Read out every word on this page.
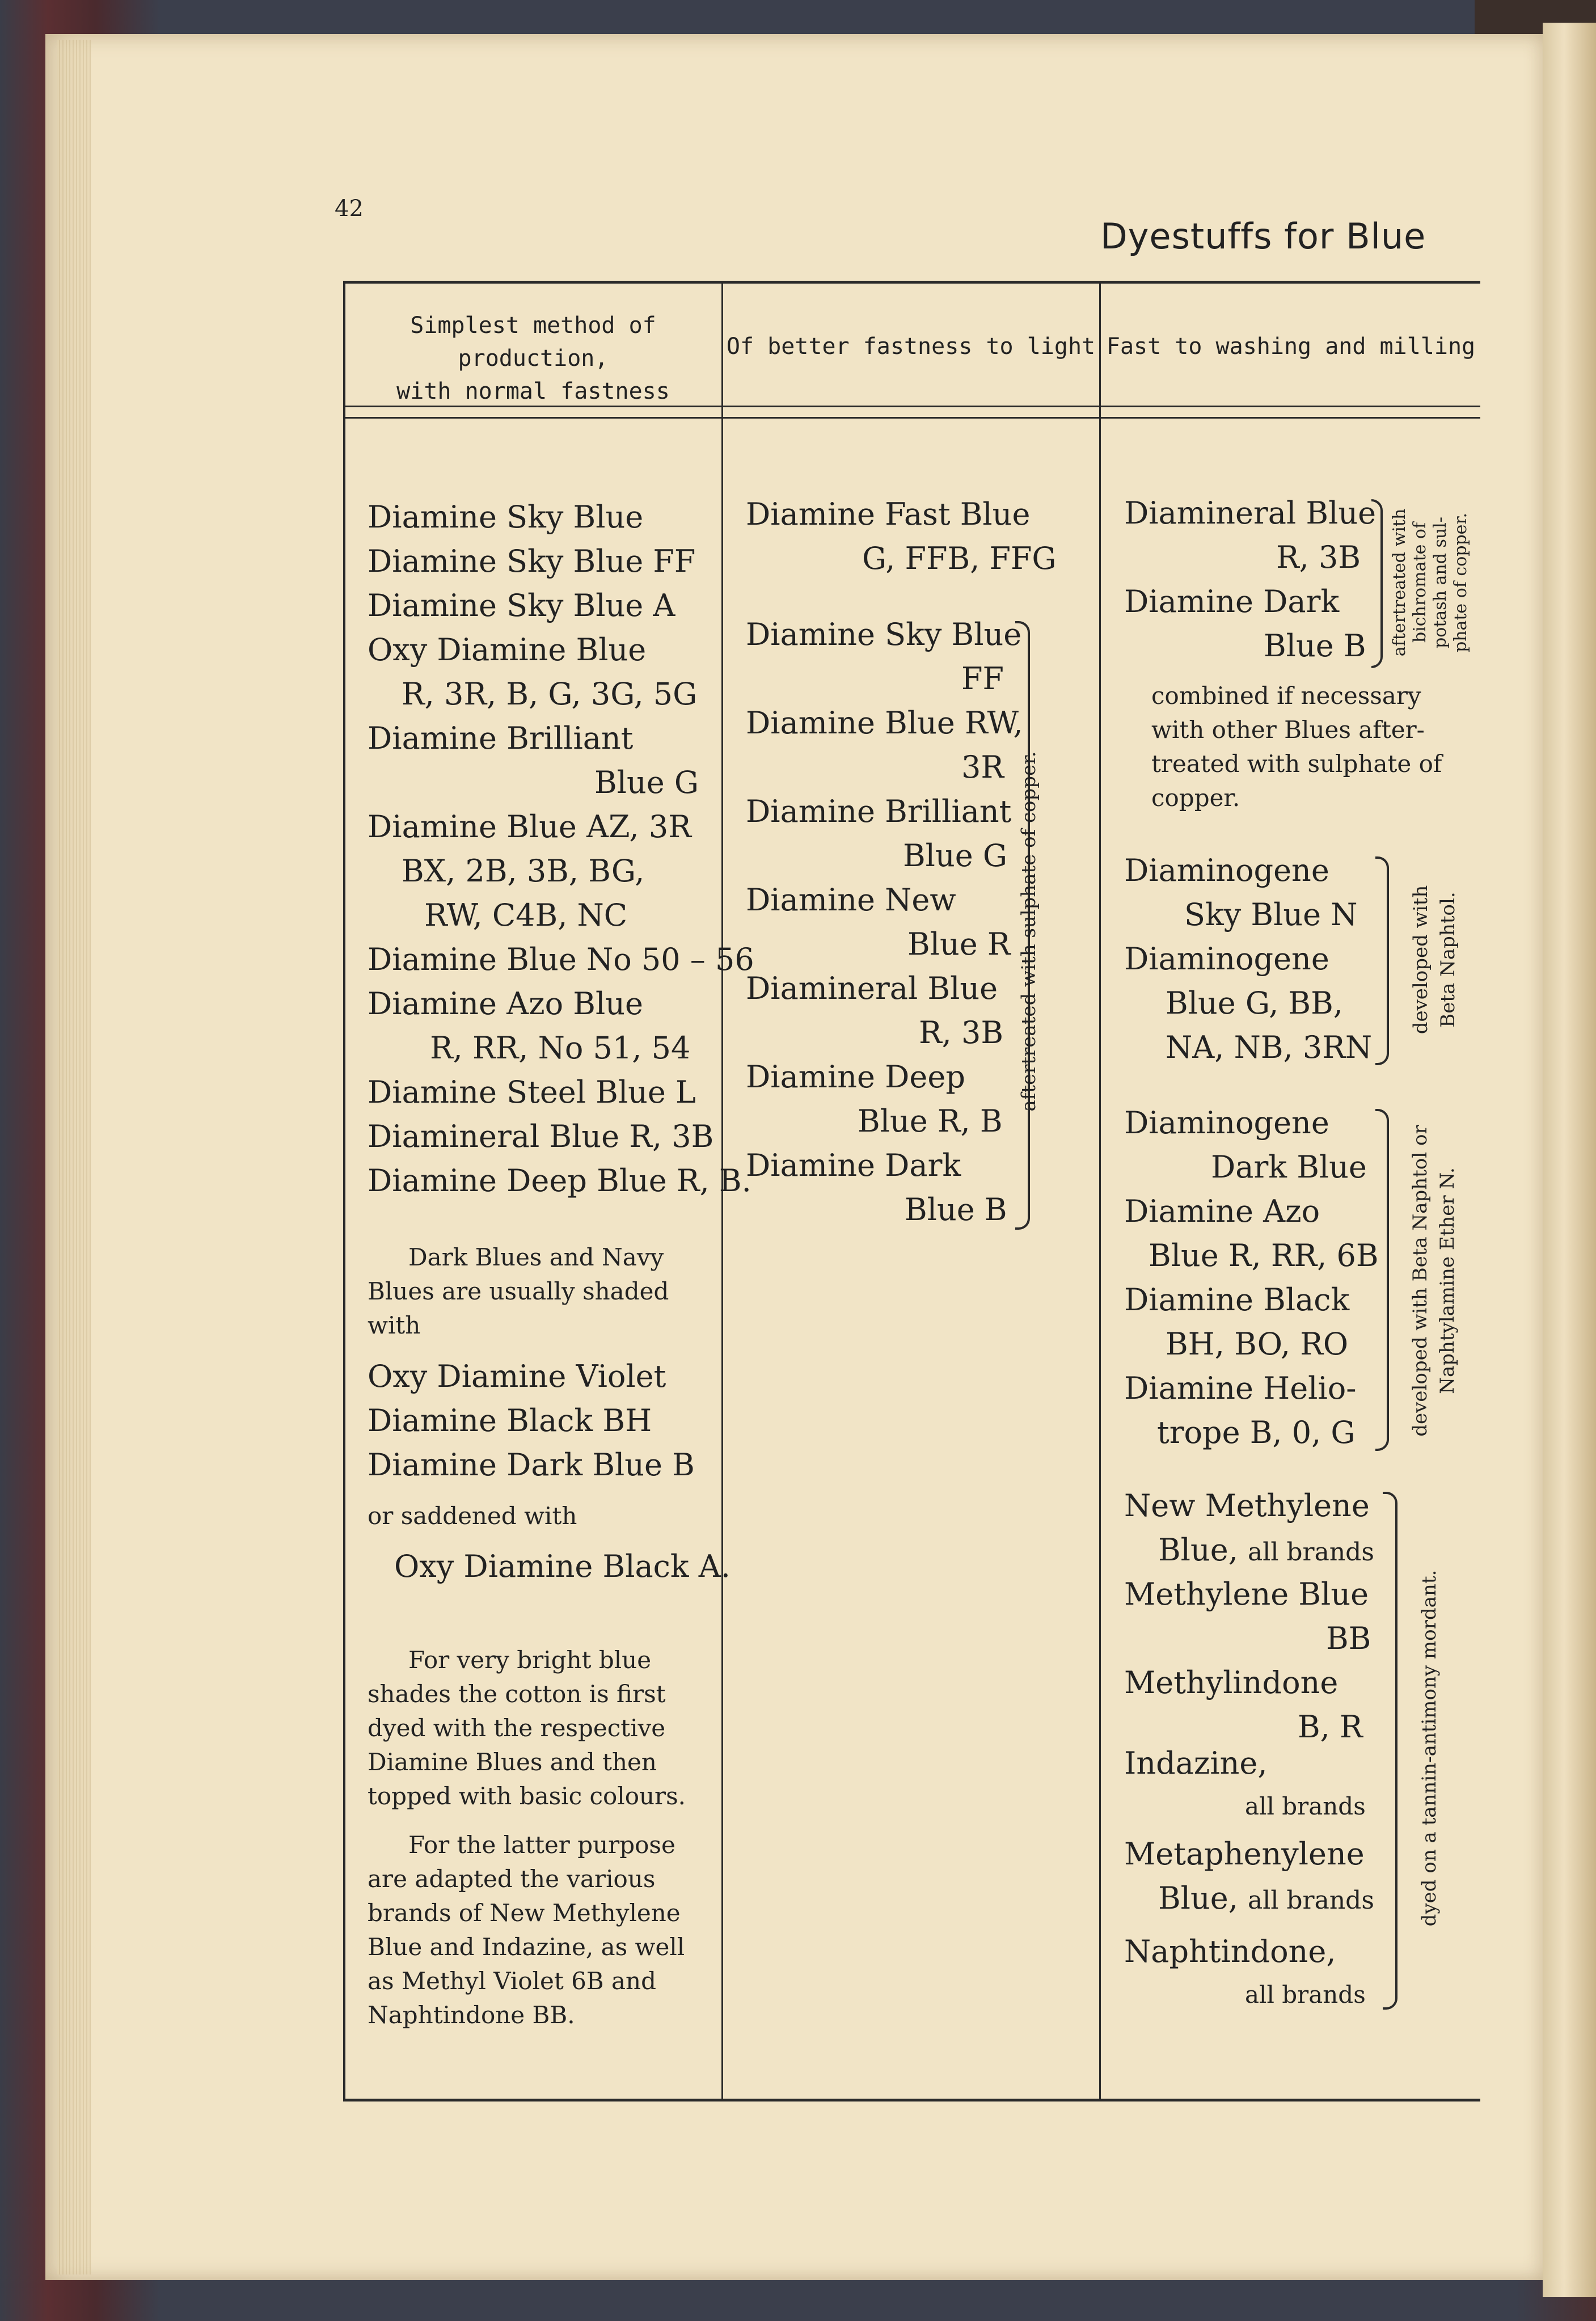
42
Dyestuffs for Blue
Simplest method of production,
with normal fastness
Of better fastness to light Fast to washing and milling
Diamine Sky Blue
Diamine Sky Blue FF
Diamine Sky Blue A
Oxy Diamine Blue
R, 3R, B, G, 3G, 5G
Diamine Brilliant
Blue G
Diamine Blue AZ, 3R
BX, 2B, 3B, BG,
RW, C4B, NC
Diamine Blue No 50 – 56
Diamine Azo Blue
R, RR, No 51, 54
Diamine Steel Blue L
Diamineral Blue R, 3B
Diamine Deep Blue R, B.
Dark Blues and Navy
Blues are usually shaded
with
Oxy Diamine Violet
Diamine Black BH
Diamine Dark Blue B
or saddened with
Oxy Diamine Black A.
For very bright blue
shades the cotton is first
dyed with the respective
Diamine Blues and then
topped with basic colours.
For the latter purpose
are adapted the various
brands of New Methylene
Blue and Indazine, as well
as Methyl Violet 6B and
Naphtindone BB.
Diamine Fast Blue
G, FFB, FFG
Diamine Sky Blue
FF
Diamine Blue RW,
3R
Diamine Brilliant
Blue G
Diamine New
Blue R
Diamineral Blue
R, 3B
Diamine Deep
Blue R, B
Diamine Dark
Blue B
aftertreated with sulphate of copper.
Diamineral Blue
R, 3B
Diamine Dark
Blue B aftertreated with bichromate of potash and sul- phate of copper.
combined if necessary
with other Blues after-
treated with sulphate of
copper.
Diaminogene
Sky Blue N
Diaminogene
Blue G, BB,
NA, NB, 3RN
developed with Beta Naphtol.
Diaminogene
Dark Blue
Diamine Azo
Blue R, RR, 6B
Diamine Black
BH, BO, RO
Diamine Helio-
trope B, 0, G	developed with Beta Naphtol or Naphtylamine Ether N.
New Methylene
Blue, all brands
Methylene Blue
BB
Methylindone
B, R
Indazine,
all brands
Metaphenylene
Blue, all brands
Naphtindone,
all brands
dyed on a tannin-antimony mordant.
